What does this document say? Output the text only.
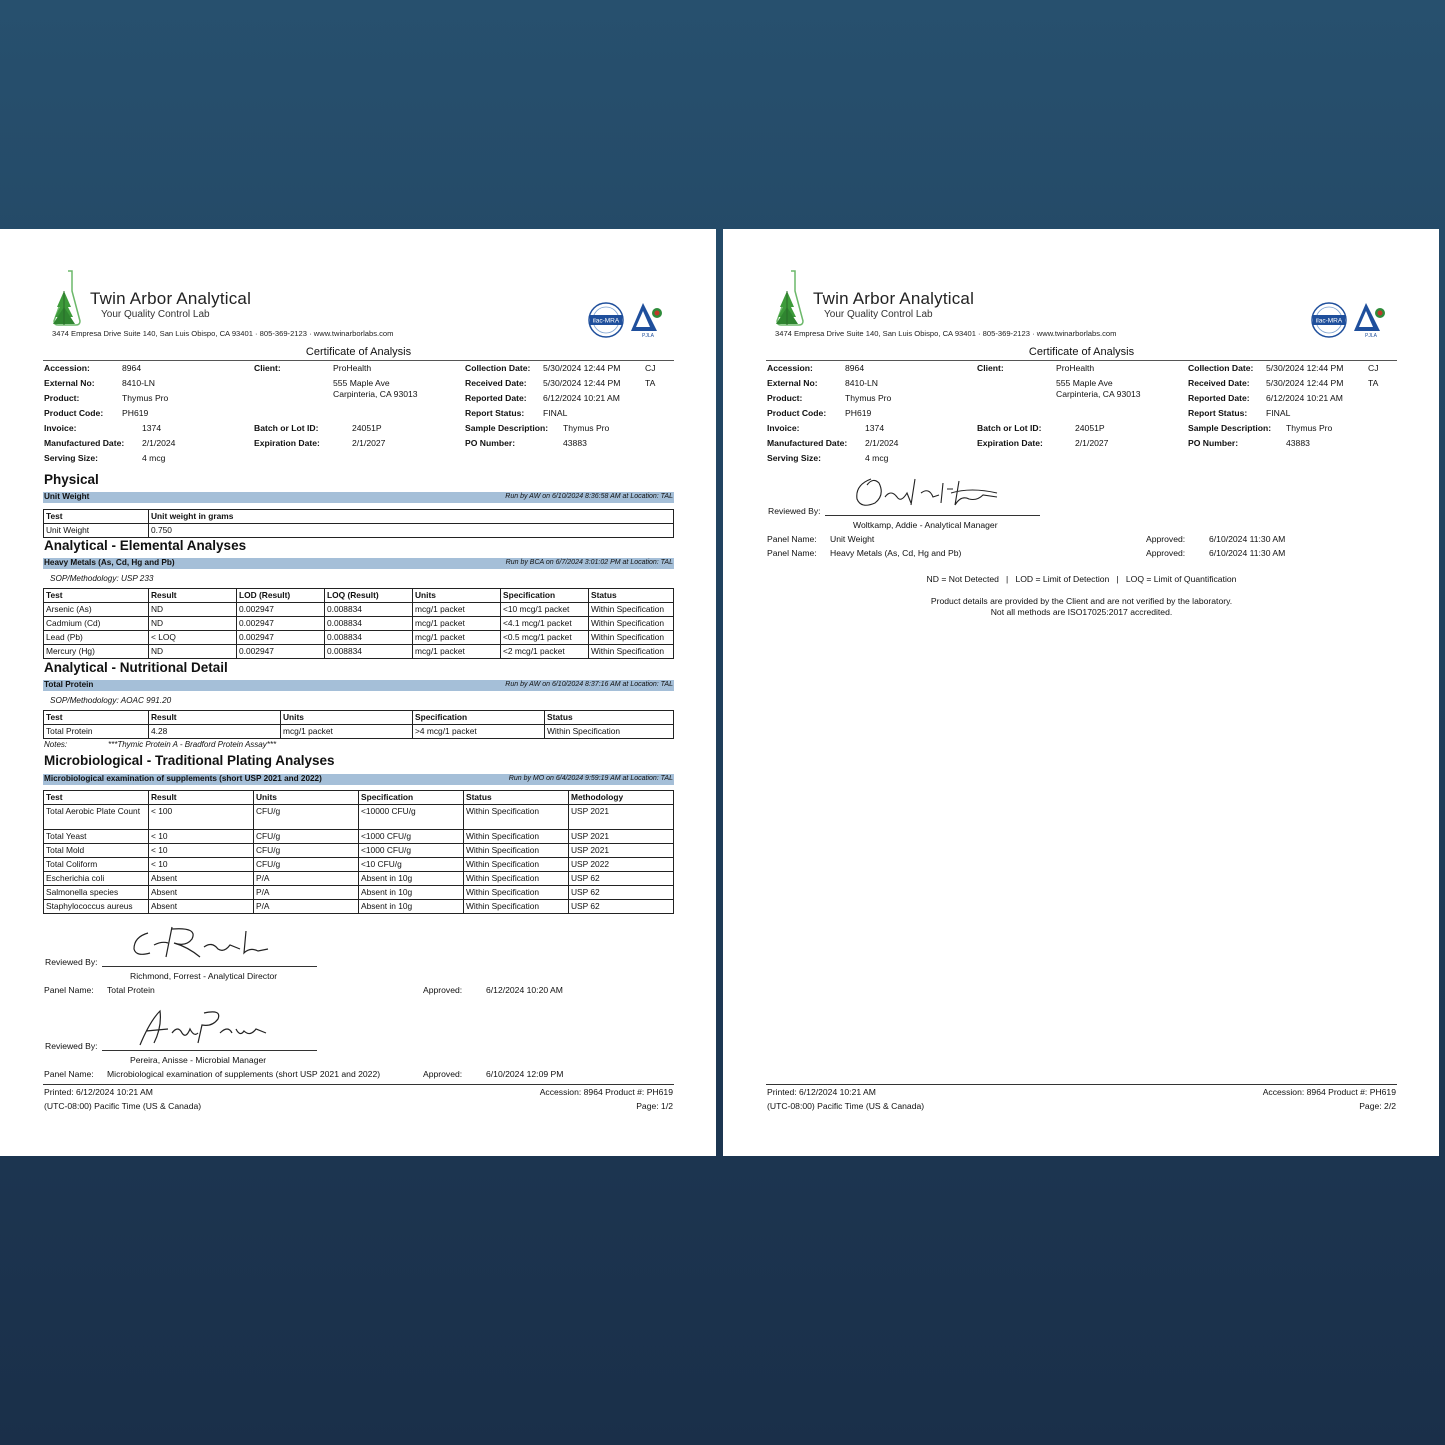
Twin Arbor Analytical
Your Quality Control Lab
3474 Empresa Drive Suite 140, San Luis Obispo, CA 93401 · 805-369-2123 · www.twinarborlabs.com
ilac-MRA
PJLA
Certificate of Analysis
Accession:	8964
External No:	8410-LN
Product:	Thymus Pro
Product Code: PH619
Invoice:	1374
Manufactured Date: 2/1/2024
Serving Size:	4 mcg
Client:	ProHealth
555 Maple Ave
Carpinteria, CA 93013
Batch or Lot ID:	24051P
Expiration Date:	2/1/2027
Collection Date: 5/30/2024 12:44 PM	CJ
Received Date: 5/30/2024 12:44 PM	TA
Reported Date: 6/12/2024 10:21 AM
Report Status: FINAL
Sample Description: Thymus Pro
PO Number:	43883
Physical
Unit Weight	Run by AW on 6/10/2024 8:36:58 AM at Location: TAL
Test	Unit weight in grams
Unit Weight	0.750
Analytical - Elemental Analyses
Heavy Metals (As, Cd, Hg and Pb)	Run by BCA on 6/7/2024 3:01:02 PM at Location: TAL
SOP/Methodology: USP 233
Test	Result	LOD (Result)	LOQ (Result)	Units	Specification	Status
Arsenic (As)	ND	0.002947	0.008834	mcg/1 packet	<10 mcg/1 packet	Within Specification
Cadmium (Cd)	ND	0.002947	0.008834	mcg/1 packet	<4.1 mcg/1 packet	Within Specification
Lead (Pb)	< LOQ	0.002947	0.008834	mcg/1 packet	<0.5 mcg/1 packet	Within Specification
Mercury (Hg)	ND	0.002947	0.008834	mcg/1 packet	<2 mcg/1 packet	Within Specification
Analytical - Nutritional Detail
Total Protein	Run by AW on 6/10/2024 8:37:16 AM at Location: TAL
SOP/Methodology: AOAC 991.20
Test	Result	Units	Specification	Status
Total Protein	4.28	mcg/1 packet	>4 mcg/1 packet	Within Specification
Notes:	***Thymic Protein A - Bradford Protein Assay***
Microbiological - Traditional Plating Analyses
Microbiological examination of supplements (short USP 2021 and 2022)	Run by MO on 6/4/2024 9:59:19 AM at Location: TAL
Test	Result	Units	Specification	Status	Methodology
Total Aerobic Plate Count	< 100	CFU/g	<10000 CFU/g	Within Specification	USP 2021
Total Yeast	< 10	CFU/g	<1000 CFU/g	Within Specification	USP 2021
Total Mold	< 10	CFU/g	<1000 CFU/g	Within Specification	USP 2021
Total Coliform	< 10	CFU/g	<10 CFU/g	Within Specification	USP 2022
Escherichia coli	Absent	P/A	Absent in 10g	Within Specification	USP 62
Salmonella species	Absent	P/A	Absent in 10g	Within Specification	USP 62
Staphylococcus aureus	Absent	P/A	Absent in 10g	Within Specification	USP 62
Reviewed By:
Richmond, Forrest - Analytical Director
Panel Name: Total Protein	Approved:	6/12/2024 10:20 AM
Reviewed By:
Pereira, Anisse - Microbial Manager
Panel Name: Microbiological examination of supplements (short USP 2021 and 2022)	Approved:	6/10/2024 12:09 PM
Printed: 6/12/2024 10:21 AM
(UTC-08:00) Pacific Time (US & Canada)
Accession: 8964 Product #: PH619
Page: 1/2
Twin Arbor Analytical
Your Quality Control Lab
3474 Empresa Drive Suite 140, San Luis Obispo, CA 93401 · 805-369-2123 · www.twinarborlabs.com
ilac-MRA
PJLA
Certificate of Analysis
Accession:	8964
External No:	8410-LN
Product:	Thymus Pro
Product Code: PH619
Invoice:	1374
Manufactured Date: 2/1/2024
Serving Size:	4 mcg
Client:	ProHealth
555 Maple Ave
Carpinteria, CA 93013
Batch or Lot ID:	24051P
Expiration Date:	2/1/2027
Collection Date: 5/30/2024 12:44 PM	CJ
Received Date: 5/30/2024 12:44 PM	TA
Reported Date: 6/12/2024 10:21 AM
Report Status: FINAL
Sample Description: Thymus Pro
PO Number:	43883
Reviewed By:
Woltkamp, Addie - Analytical Manager
Panel Name: Unit Weight	Approved:	6/10/2024 11:30 AM
Panel Name: Heavy Metals (As, Cd, Hg and Pb)	Approved:	6/10/2024 11:30 AM
ND = Not Detected   |   LOD = Limit of Detection   |   LOQ = Limit of Quantification
Product details are provided by the Client and are not verified by the laboratory.
Not all methods are ISO17025:2017 accredited.
Printed: 6/12/2024 10:21 AM
(UTC-08:00) Pacific Time (US & Canada)
Accession: 8964 Product #: PH619
Page: 2/2
